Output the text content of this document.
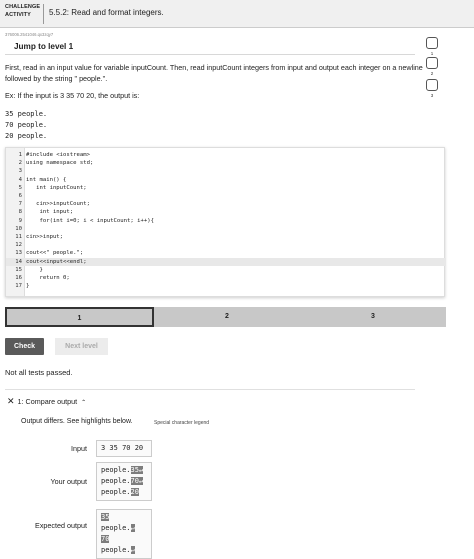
CHALLENGE
ACTIVITY	5.5.2: Read and format integers.
376006.2541046.qx3zqy7
Jump to level 1
1
2
3
First, read in an input value for variable inputCount. Then, read inputCount integers from input and output each integer on a newline followed by the string " people.".
Ex: If the input is 3 35 70 20, the output is:
35 people.
70 people.
20 people.
1 #include <iostream>
2 using namespace std;
3
4 int main() {
5   int inputCount;
6
7   cin>>inputCount;
8    int input;
9    for(int i=0; i < inputCount; i++){
10
11 cin>>input;
12
13 cout<<" people.";
14 cout<<input<<endl;
15    }
16    return 0;
17 }
1	2	3
Check	Next level
Not all tests passed.
✕ 1: Compare output ⌃
Output differs. See highlights below.	Special character legend
Input	3 35 70 20
Your output
people.35↵
people.70↵
people.20
Expected output
35 people.↵
70 people.↵
